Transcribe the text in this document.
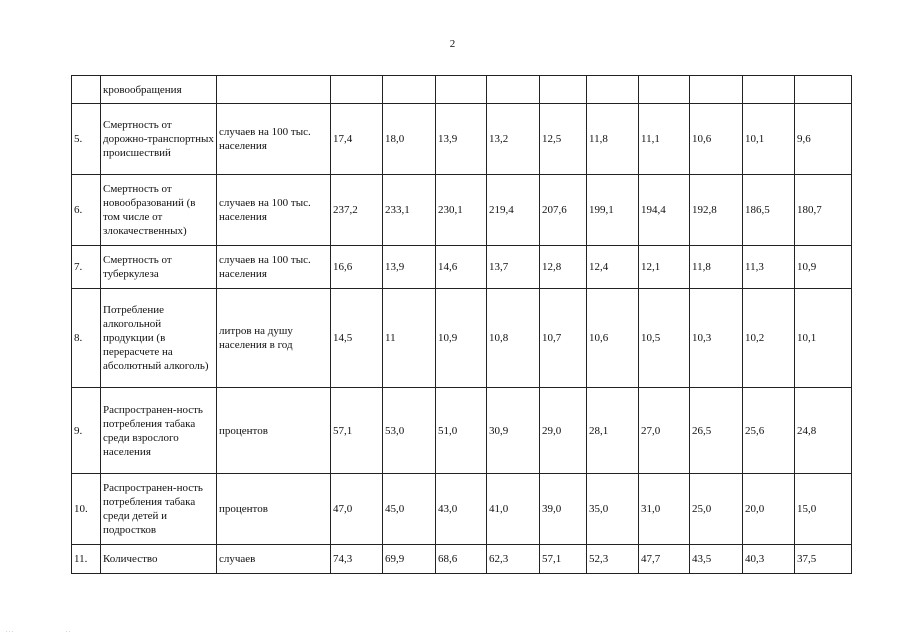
2
	кровообращения											
5.	Смертность от дорожно-транспортных происшествий	случаев на 100 тыс. населения	17,4	18,0	13,9	13,2	12,5	11,8	11,1	10,6	10,1	9,6
6.	Смертность от новообразований (в том числе от злокачественных)	случаев на 100 тыс. населения	237,2	233,1	230,1	219,4	207,6	199,1	194,4	192,8	186,5	180,7
7.	Смертность от туберкулеза	случаев на 100 тыс. населения	16,6	13,9	14,6	13,7	12,8	12,4	12,1	11,8	11,3	10,9
8.	Потребление алкогольной продукции (в перерасчете на абсолютный алкоголь)	литров на душу населения в год	14,5	11	10,9	10,8	10,7	10,6	10,5	10,3	10,2	10,1
9.	Распространен-ность потребления табака среди взрослого населения	процентов	57,1	53,0	51,0	30,9	29,0	28,1	27,0	26,5	25,6	24,8
10.	Распространен-ность потребления табака среди детей и подростков	процентов	47,0	45,0	43,0	41,0	39,0	35,0	31,0	25,0	20,0	15,0
11.	Количество	случаев	74,3	69,9	68,6	62,3	57,1	52,3	47,7	43,5	40,3	37,5
. . .	. .
